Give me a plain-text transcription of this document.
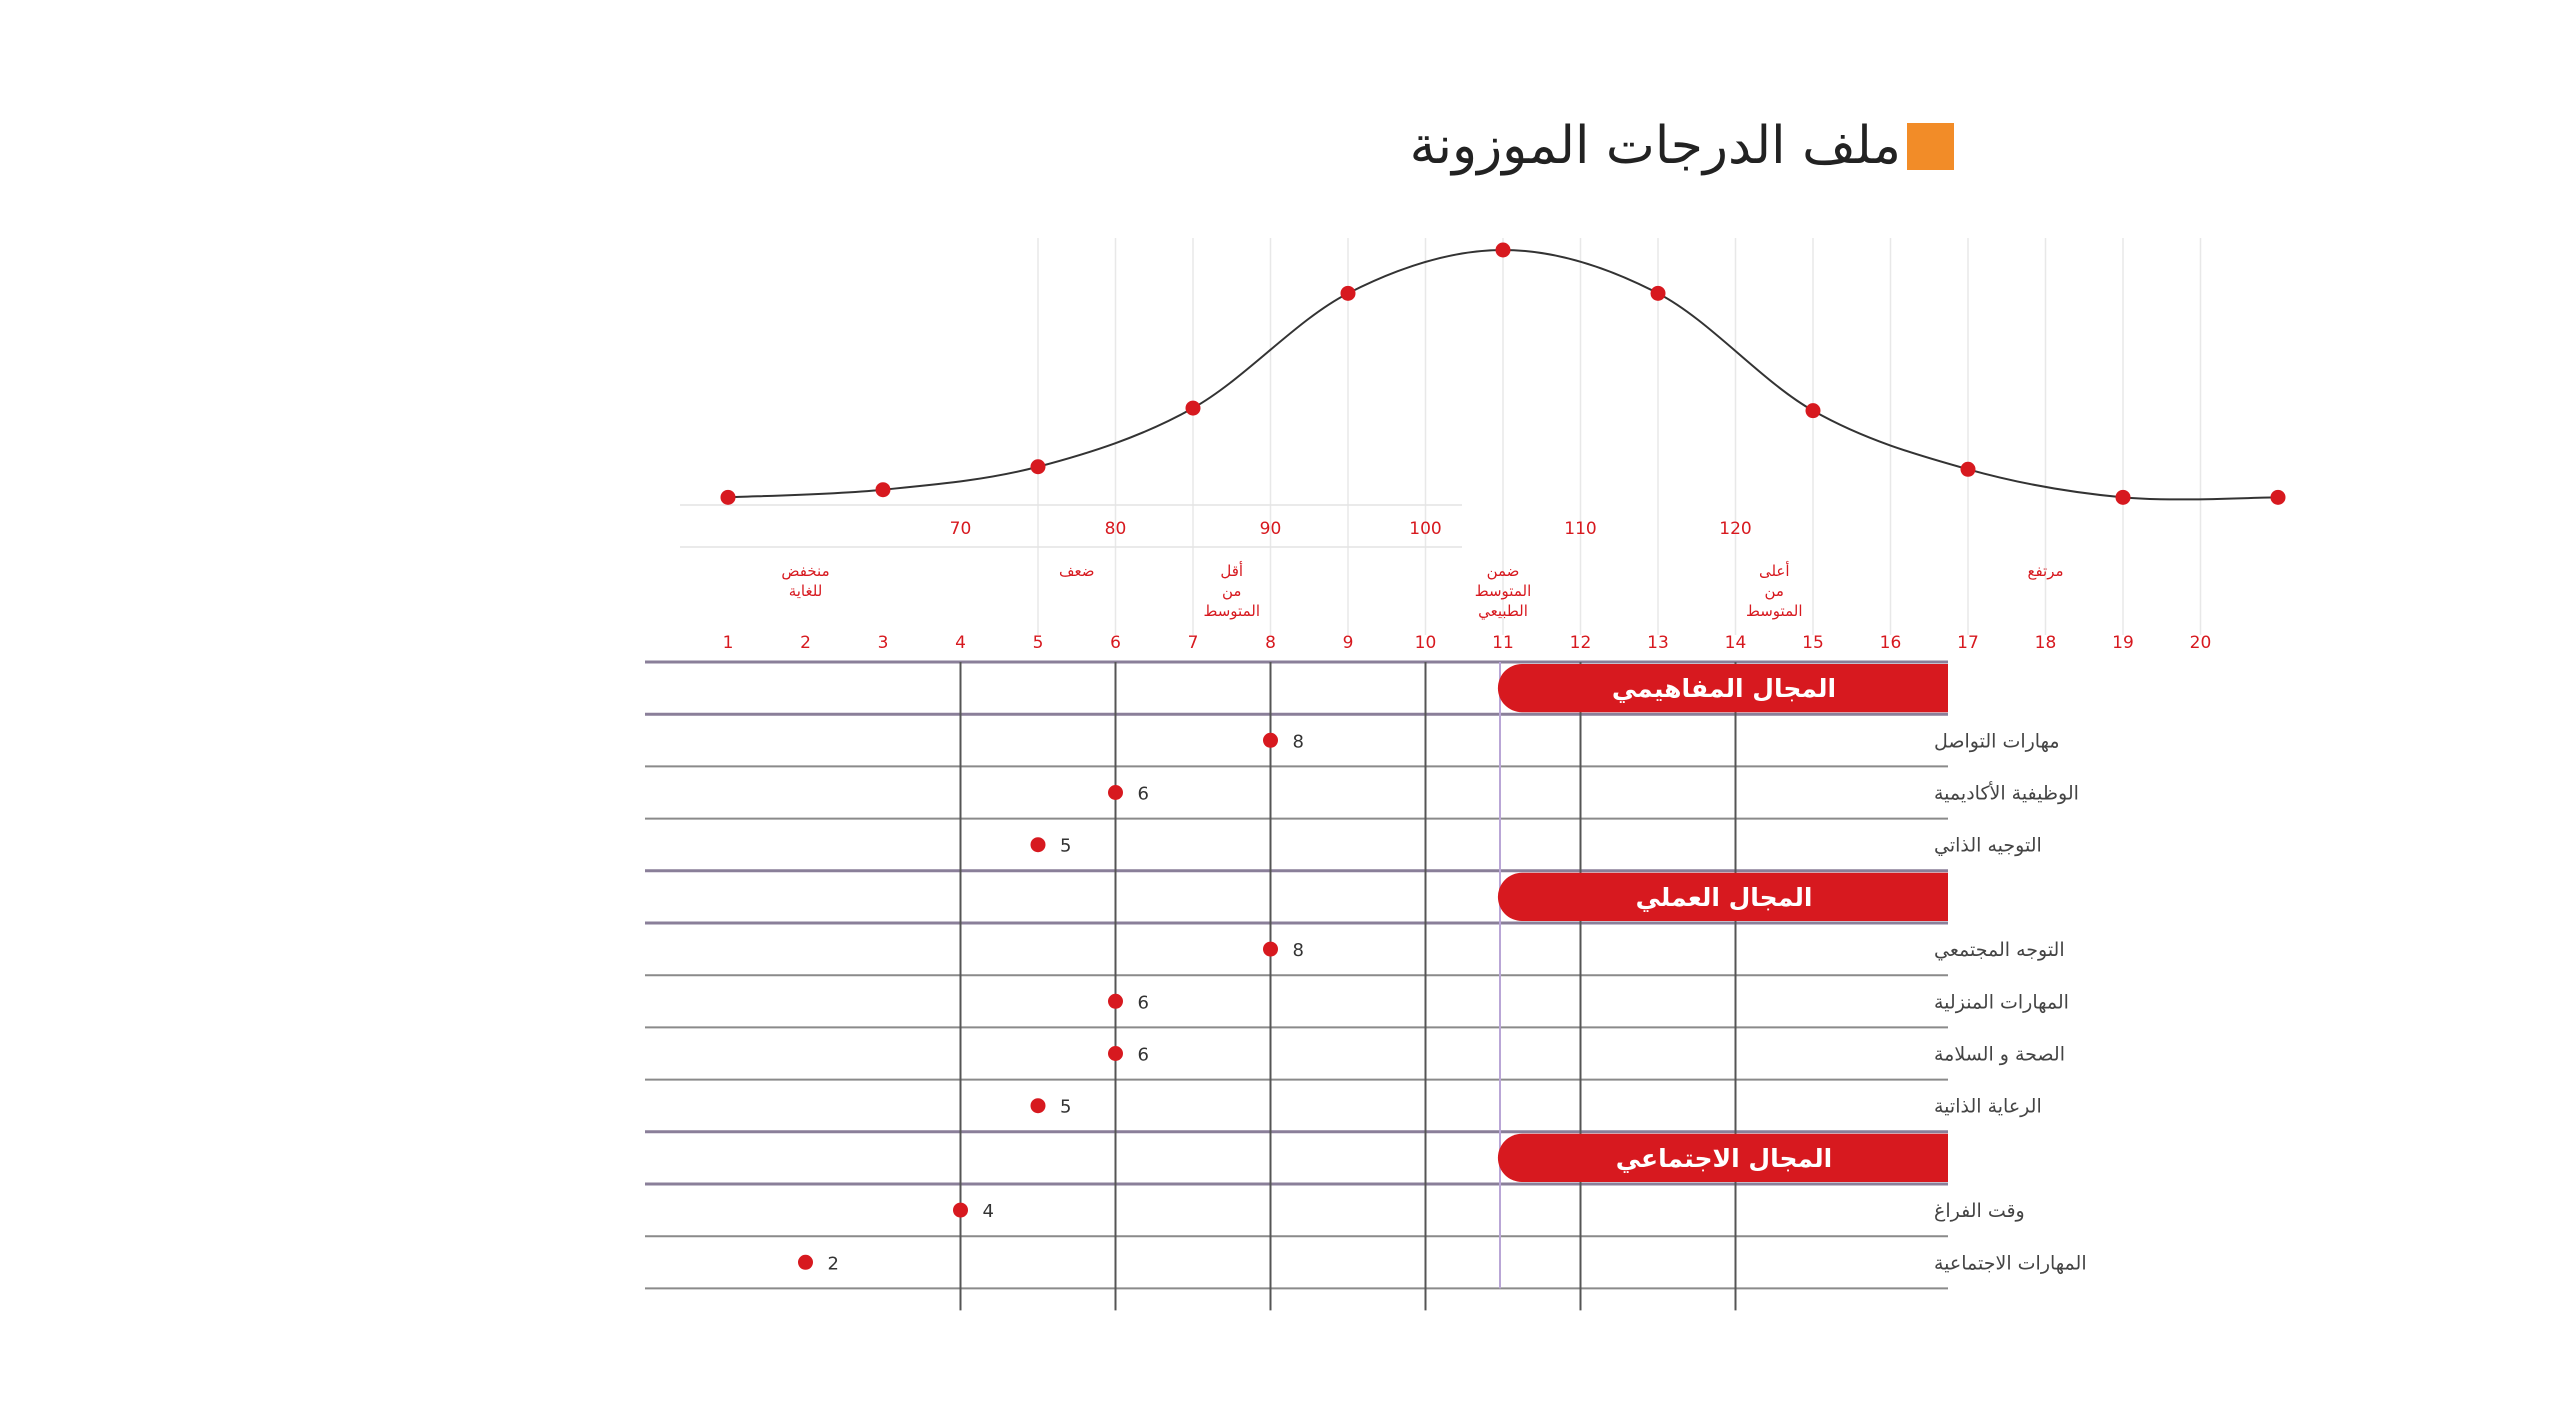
ملف الدرجات الموزونة
70	80	90	100	110	120
منخفض
للغاية
ضعف	أقل
من
المتوسط
ضمن
المتوسط
الطبيعي
أعلى
من
المتوسط
مرتفع
1	2	3	4	5	6	7	8	9	10	11	12	13	14	15	16	17	18	19	20
المجال المفاهيمي
مهارات التواصل
8
الوظيفية الأكاديمية
6
التوجيه الذاتي
5
المجال العملي
التوجه المجتمعي
8
المهارات المنزلية
6
الصحة و السلامة
6
الرعاية الذاتية
5
المجال الاجتماعي
وقت الفراغ
4
المهارات الاجتماعية
2
